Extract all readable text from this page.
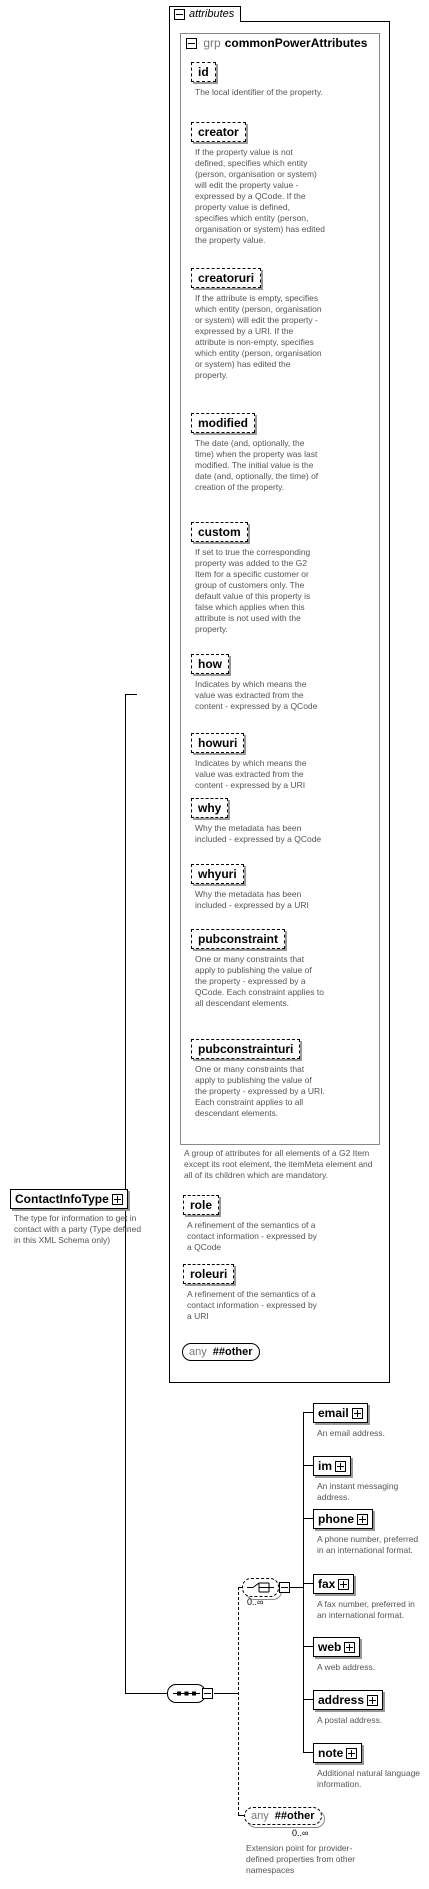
ContactInfoType
The type for information to get in contact with a party (Type defined in this XML Schema only)
attributes
grp commonPowerAttributes
id
The local identifier of the property.
creator
If the property value is not defined, specifies which entity (person, organisation or system) will edit the property value - expressed by a QCode. If the property value is defined, specifies which entity (person, organisation or system) has edited the property value.
creatoruri
If the attribute is empty, specifies which entity (person, organisation or system) will edit the property - expressed by a URI. If the attribute is non-empty, specifies which entity (person, organisation or system) has edited the property.
modified
The date (and, optionally, the time) when the property was last modified. The initial value is the date (and, optionally, the time) of creation of the property.
custom
If set to true the corresponding property was added to the G2 Item for a specific customer or group of customers only. The default value of this property is false which applies when this attribute is not used with the property.
how
Indicates by which means the value was extracted from the content - expressed by a QCode
howuri
Indicates by which means the value was extracted from the content - expressed by a URI
why
Why the metadata has been included - expressed by a QCode
whyuri
Why the metadata has been included - expressed by a URI
pubconstraint
One or many constraints that apply to publishing the value of the property - expressed by a QCode. Each constraint applies to all descendant elements.
pubconstrainturi
One or many constraints that apply to publishing the value of the property - expressed by a URI. Each constraint applies to all descendant elements.
A group of attributes for all elements of a G2 Item except its root element, the itemMeta element and all of its children which are mandatory.
role
A refinement of the semantics of a contact information - expressed by a QCode
roleuri
A refinement of the semantics of a contact information - expressed by a URI
any ##other
0..∞
email
An email address.
im
An instant messaging address.
phone
A phone number, preferred in an international format.
fax
A fax number, preferred in an international format.
web
A web address.
address
A postal address.
note
Additional natural language information.
any ##other
0..∞
Extension point for provider-defined properties from other namespaces
